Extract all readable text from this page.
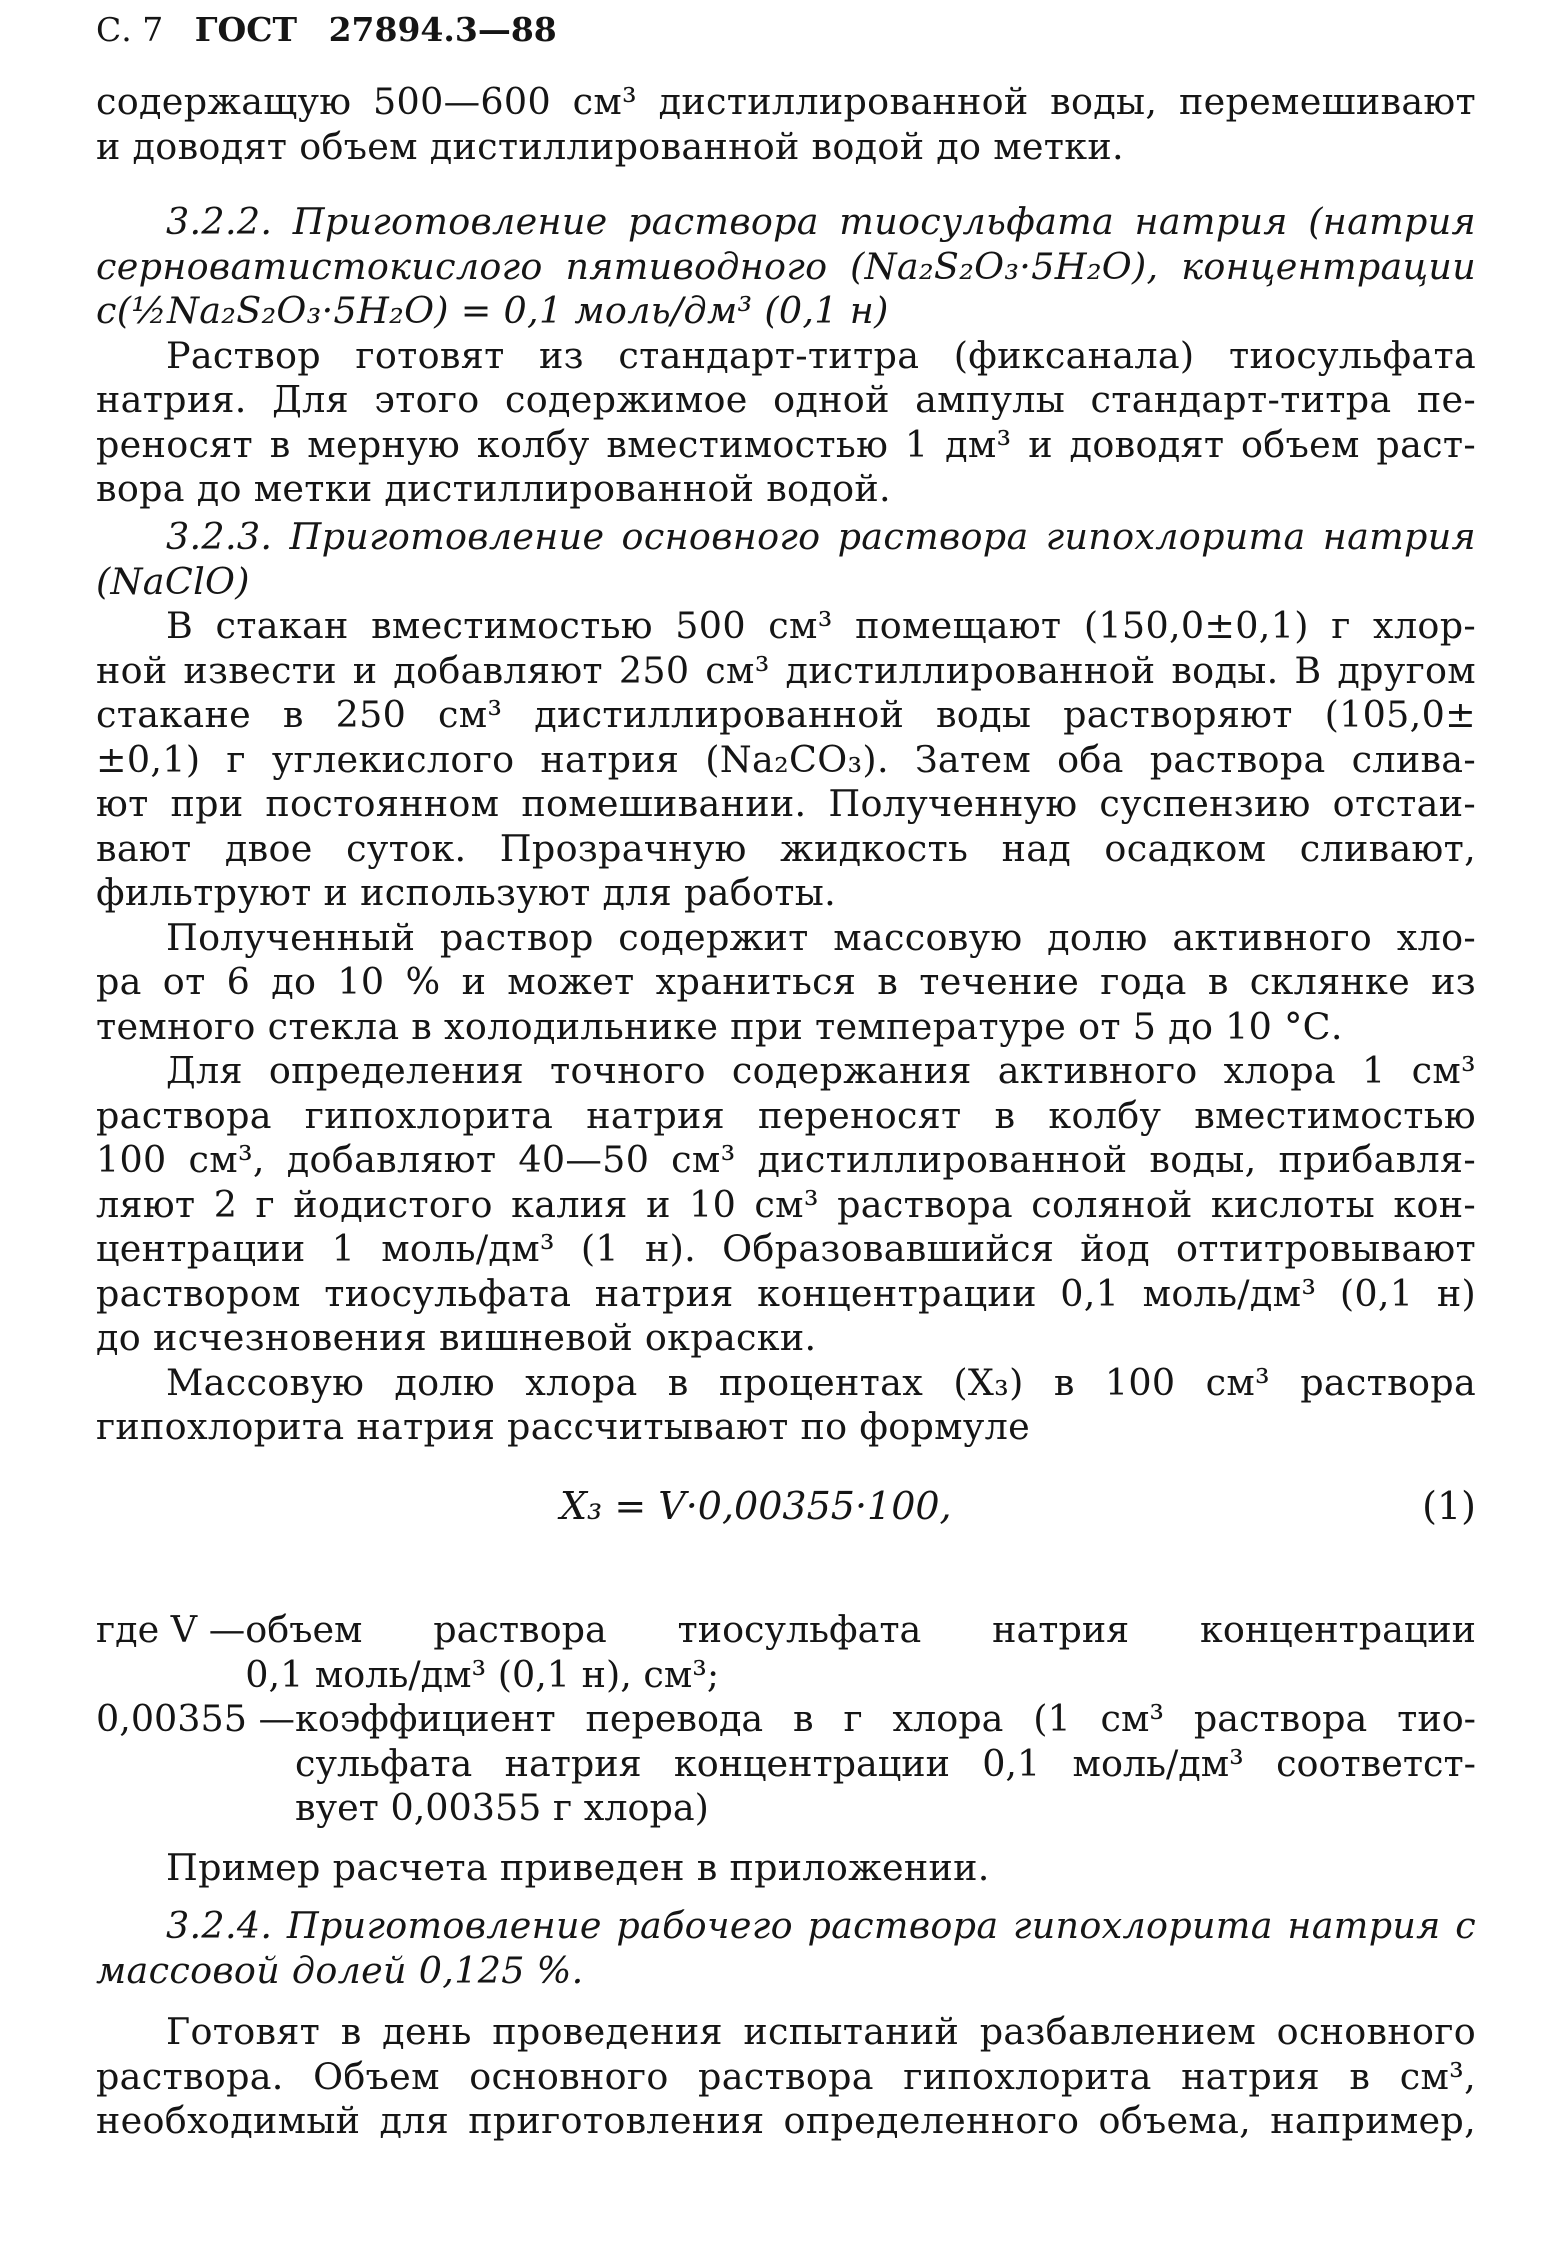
С. 7 ГОСТ 27894.3—88
содержащую 500—600 см³ дистиллированной воды, перемешивают
и доводят объем дистиллированной водой до метки.
3.2.2. Приготовление раствора тиосульфата натрия (натрия
серноватистокислого пятиводного (Na₂S₂O₃·5H₂O), концентрации
c(½Na₂S₂O₃·5H₂O) = 0,1 моль/дм³ (0,1 н)
Раствор готовят из стандарт-титра (фиксанала) тиосульфата
натрия. Для этого содержимое одной ампулы стандарт-титра пе-
реносят в мерную колбу вместимостью 1 дм³ и доводят объем раст-
вора до метки дистиллированной водой.
3.2.3. Приготовление основного раствора гипохлорита натрия
(NaClO)
В стакан вместимостью 500 см³ помещают (150,0±0,1) г хлор-
ной извести и добавляют 250 см³ дистиллированной воды. В другом
стакане в 250 см³ дистиллированной воды растворяют (105,0±
±0,1) г углекислого натрия (Na₂CO₃). Затем оба раствора слива-
ют при постоянном помешивании. Полученную суспензию отстаи-
вают двое суток. Прозрачную жидкость над осадком сливают,
фильтруют и используют для работы.
Полученный раствор содержит массовую долю активного хло-
ра от 6 до 10 % и может храниться в течение года в склянке из
темного стекла в холодильнике при температуре от 5 до 10 °С.
Для определения точного содержания активного хлора 1 см³
раствора гипохлорита натрия переносят в колбу вместимостью
100 см³, добавляют 40—50 см³ дистиллированной воды, прибавля-
ляют 2 г йодистого калия и 10 см³ раствора соляной кислоты кон-
центрации 1 моль/дм³ (1 н). Образовавшийся йод оттитровывают
раствором тиосульфата натрия концентрации 0,1 моль/дм³ (0,1 н)
до исчезновения вишневой окраски.
Массовую долю хлора в процентах (X₃) в 100 см³ раствора
гипохлорита натрия рассчитывают по формуле
X₃ = V·0,00355·100,	(1)
где V — объем раствора тиосульфата натрия концентрации
0,1 моль/дм³ (0,1 н), см³;
0,00355 — коэффициент перевода в г хлора (1 см³ раствора тио-
сульфата натрия концентрации 0,1 моль/дм³ соответст-
вует 0,00355 г хлора)
Пример расчета приведен в приложении.
3.2.4. Приготовление рабочего раствора гипохлорита натрия с
массовой долей 0,125 %.
Готовят в день проведения испытаний разбавлением основного
раствора. Объем основного раствора гипохлорита натрия в см³,
необходимый для приготовления определенного объема, например,
